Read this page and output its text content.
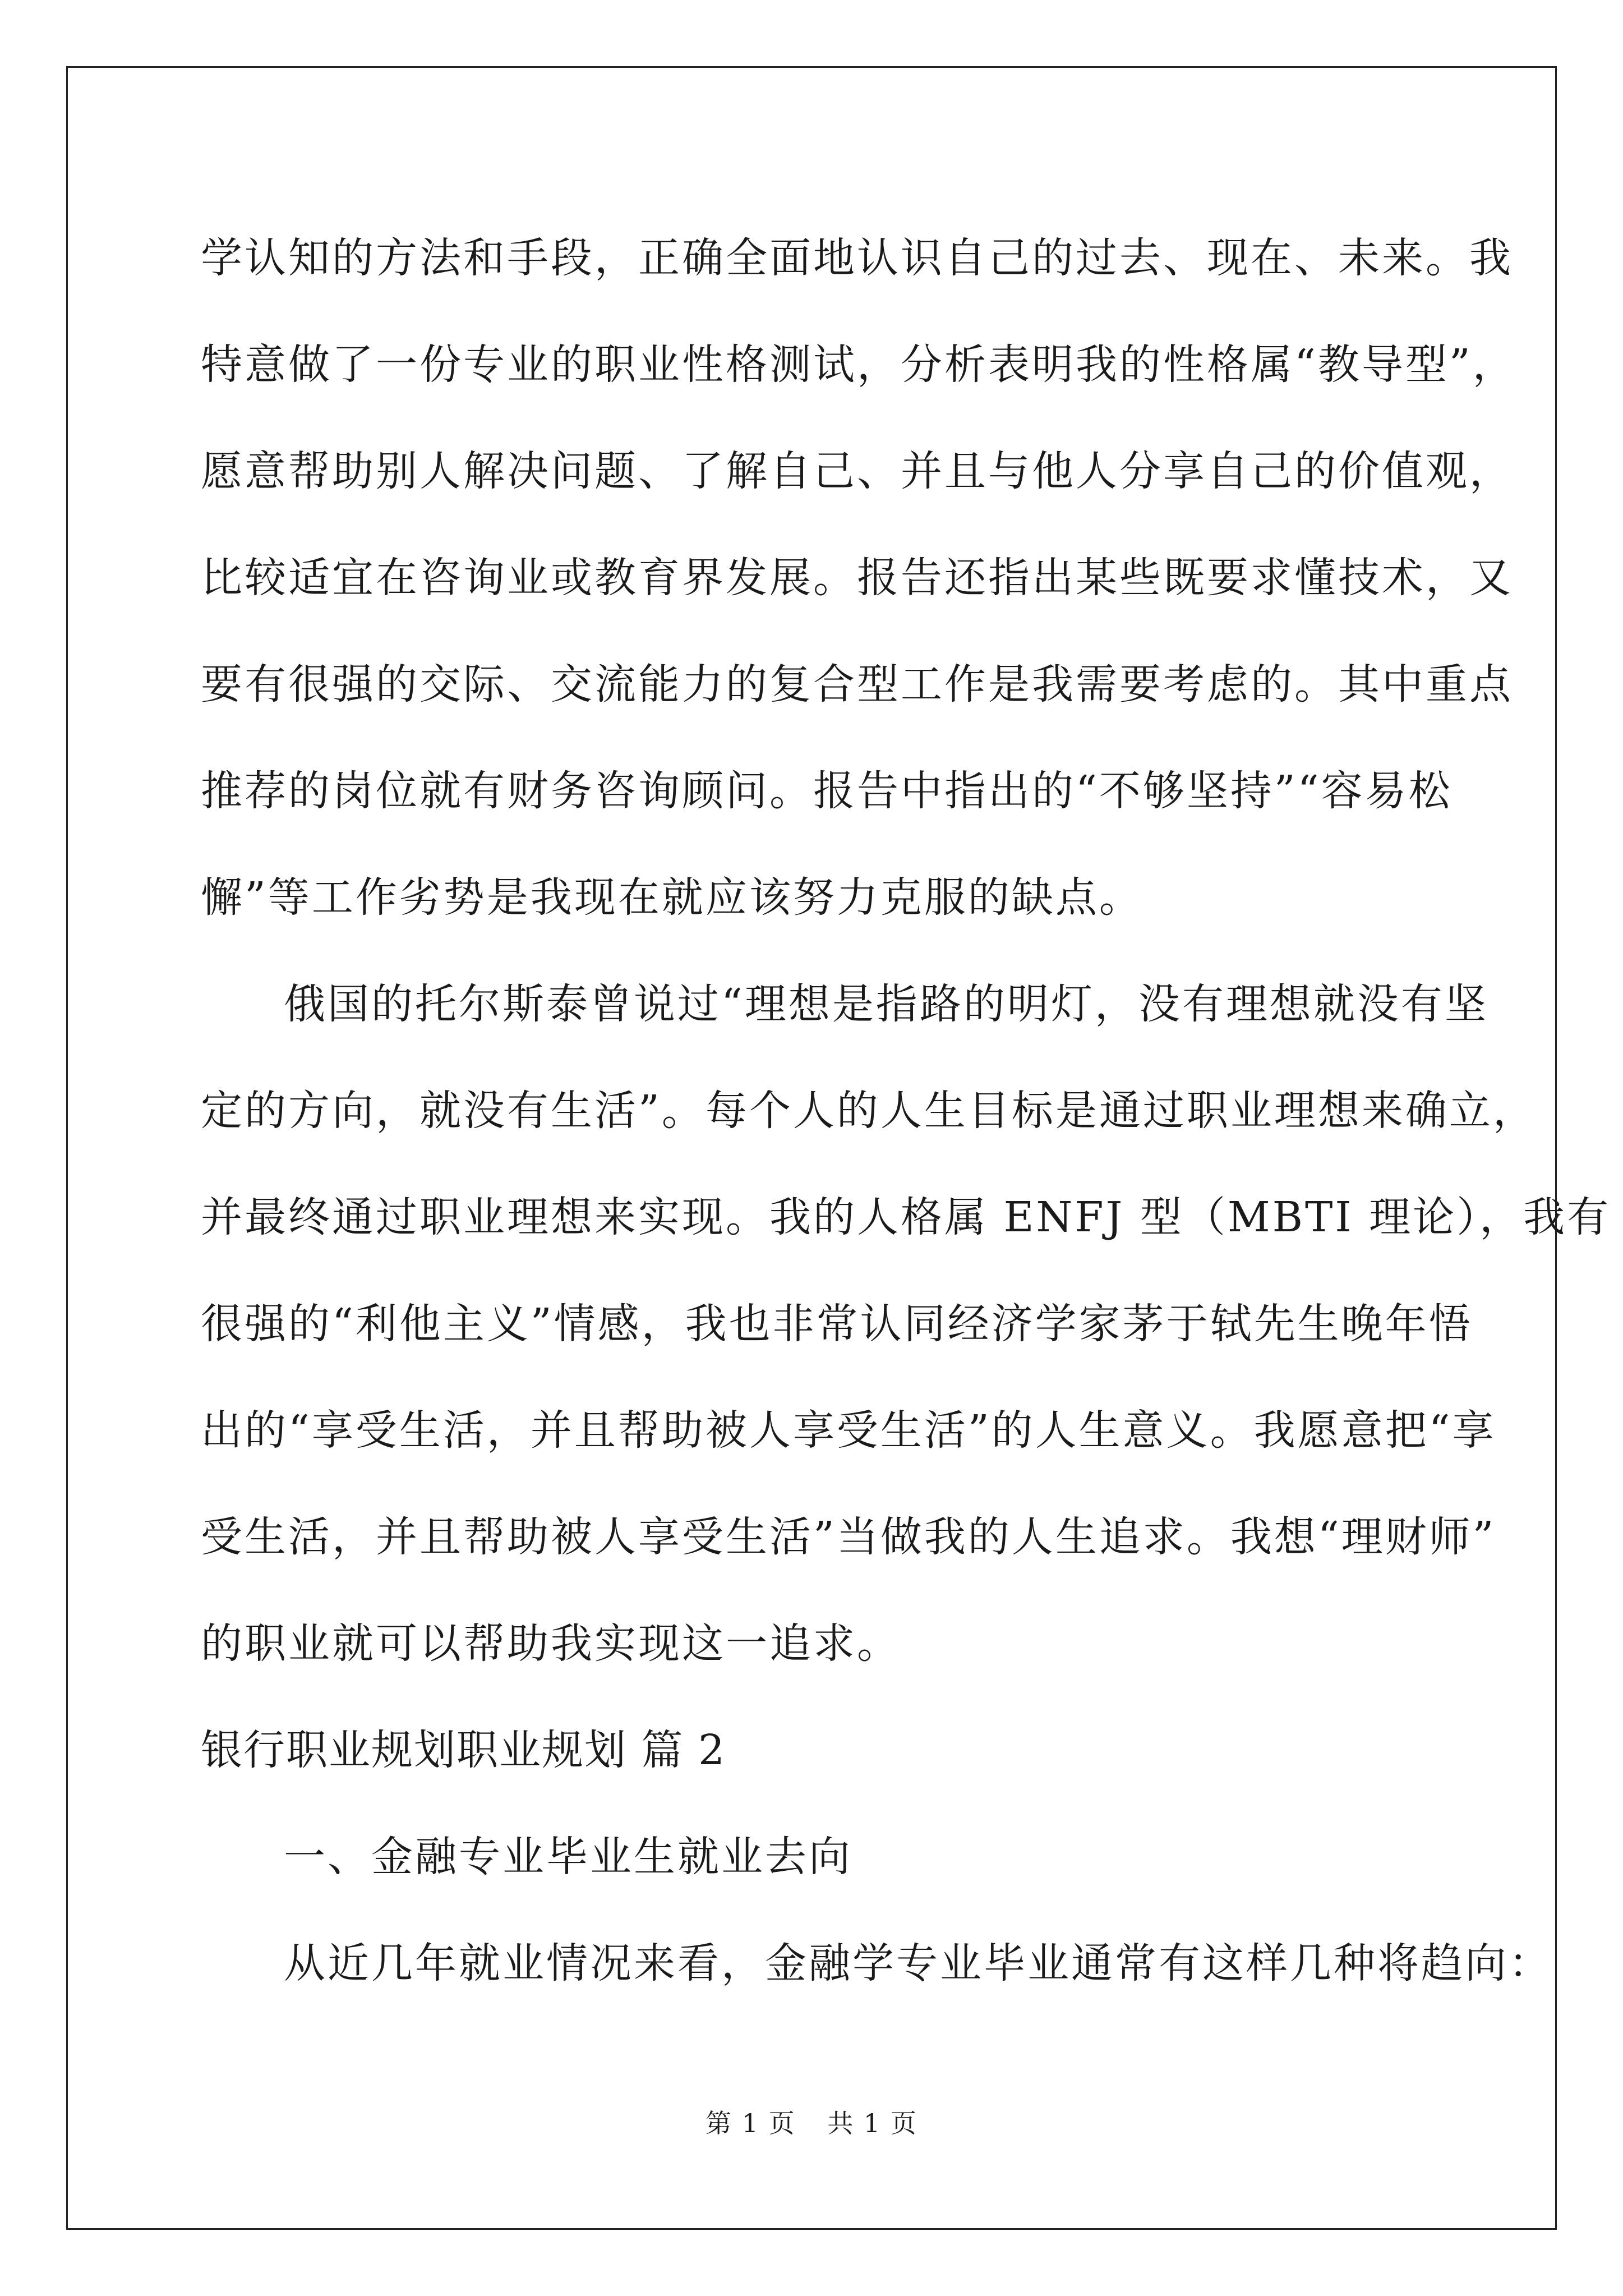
学认知的方法和手段，正确全面地认识自己的过去、现在、未来。我
特意做了一份专业的职业性格测试，分析表明我的性格属“教导型”，
愿意帮助别人解决问题、了解自己、并且与他人分享自己的价值观，
比较适宜在咨询业或教育界发展。报告还指出某些既要求懂技术，又
要有很强的交际、交流能力的复合型工作是我需要考虑的。其中重点
推荐的岗位就有财务咨询顾问。报告中指出的“不够坚持”“容易松
懈”等工作劣势是我现在就应该努力克服的缺点。
俄国的托尔斯泰曾说过“理想是指路的明灯，没有理想就没有坚
定的方向，就没有生活”。每个人的人生目标是通过职业理想来确立，
并最终通过职业理想来实现。我的人格属 ENFJ 型（MBTI 理论），我有
很强的“利他主义”情感，我也非常认同经济学家茅于轼先生晚年悟
出的“享受生活，并且帮助被人享受生活”的人生意义。我愿意把“享
受生活，并且帮助被人享受生活”当做我的人生追求。我想“理财师”
的职业就可以帮助我实现这一追求。
银行职业规划职业规划 篇 2
一、金融专业毕业生就业去向
从近几年就业情况来看，金融学专业毕业通常有这样几种将趋向：
第 1 页 共 1 页
